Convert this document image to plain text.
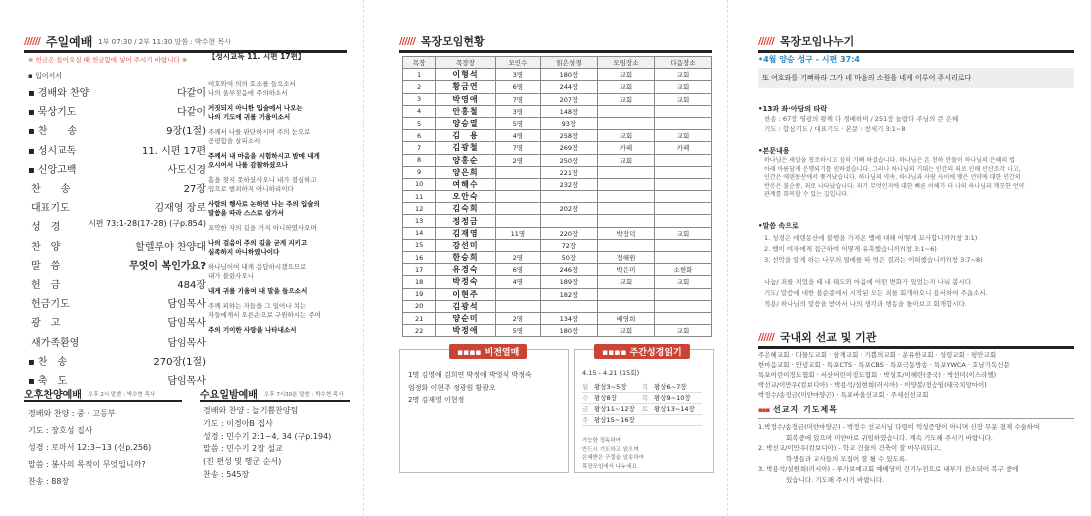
////// 주일예배 1부 07:30 / 2부 11:30 말씀 : 박수현 목사
※ 헌금은 들어오실 때 헌금함에 넣어 주시기 바랍니다 ※
▪ 입어서서
▪ 경배와 찬양	다같이
▪ 묵상기도	다같이
▪ 찬　　송	9장(1절)
▪ 성시교독	11. 시편 17편
▪ 신앙고백	사도신경
찬　　송	27장
대표기도	김재영 장로
성　경	시편 73:1-28(17-28) (구p.854)
찬　양	할렐루야 찬양대
말　씀	무엇이 복인가요?
헌　금	484장
헌금기도	담임목사
광　고	담임목사
새가족환영	담임목사
▪ 찬　송	270장(1절)
▪ 축　도	담임목사
【성시교독 11. 시편 17편】
여호와여 의의 호소를 들으소서
나의 울부짖음에 주의하소서
거짓되지 아니한 입술에서 나오는
나의 기도에 귀를 기울이소서
주께서 나를 판단하시며 주의 눈으로
공평함을 살피소서
주께서 내 마음을 시험하시고 밤에 내게
오시어서 나를 감찰하셨으나
흠을 찾지 못하셨사오니 내가 결심하고
입으로 범죄하지 아니하리이다
사람의 행사로 논하면 나는 주의 입술의
말씀을 따라 스스로 삼가서
포악한 자의 길을 가지 아니하였사오며
나의 걸음이 주의 길을 굳게 지키고
실족하지 아니하였나이다
하나님이여 내게 응답하시겠으므로
내가 불렀사오니
내게 귀를 기울여 내 말을 들으소서
주께 피하는 자들을 그 일어나 치는
자들에게서 오른손으로 구원하시는 주여
주의 기이한 사랑을 나타내소서
오후찬양예배 오후 2시 말씀 : 박수현 목사
경배와 찬양 : 중 · 고등부
기도 : 장호성 집사
성경 : 로마서 12:3~13 (신p.256)
말씀 : 봉사의 목적이 무엇입니까?
찬송 : 88장
수요일밤예배 오후 7시30분 말씀 : 박수현 목사
경배와 찬양 : 늘기쁨찬양팀
기도 : 이경아B 집사
성경 : 민수기 2:1~4, 34 (구p.194)
말씀 : 민수기 2장 설교
(진 편성 및 행군 순서)
찬송 : 545장
////// 목장모임현황
목장	목장장	모인수	읽은성경	모임장소	다음장소
1	이형석	3명	180장	교회	교회
2	황금연	6명	244장	교회	교회
3	박영애	7명	207장	교회	교회
4	안홍철	3명	148장		
5	양승열	5명	93장		
6	김　용	4명	258장	교회	교회
7	김광철	7명	269장	카페	카페
8	양홍순	2명	250장	교회	
9	양은희		221장		
10	여해수		232장		
11	오안숙				
12	김숙희		202장		
13	정정금				
14	김재영	11명	220장	박장덕	교회
15	강선미		72장		
16	한승희	2명	50장	정혜원	
17	유경숙	6명	246장	박은미	소현화
18	박정숙	4명	189장	교회	교회
19	이현주		182장		
20	김광석				
21	양순미	2명	134장	배영희	
22	박정애	5명	180장	교회	교회
▪▪▪▪ 비전열매
1명 김영애 김희연 박정애 박영식 박정숙
엄정화 이현주 정광원 황광오
2명 김재영 이현정
▪▪▪▪ 주간성경읽기
4.15 - 4.21 (15회)
월 왕상3~5장	목 왕상6~7장
수 왕상8장	목 왕상9~10장
금 왕상11~12장	토 왕상13~14장
주 왕상15~16장
가능한 정독하여
반드시 기도하고 읽으며
은혜받은 구절을 암송하여
목장모임에서 나누세요
////// 목장모임나누기
•4월 양승 성구 - 시편 37:4
또 여호와를 기뻐하라 그가 네 마음의 소원을 네게 이루어 주시리로다
•13과 좌·아담의 타락
찬송 : 67장 영광의 왕께 다 경배하며 / 251장 놀랍다 주님의 큰 은혜
기도 : 합심기도 / 대표기도 · 본문 : 창세기 3:1~8
•본문내용
하나님은 세상을 창조하시고 심히 기뻐 하셨습니다. 하나님은 온 천하 만물이 하나님의 은혜의 법
아래 아름답게 운행되기를 원하셨습니다. 그러나 하나님의 기대는 인간의 죄로 인해 산산조각 나고,
인간은 에덴동산에서 쫓겨났습니다. 하나님의 약속, 하나님과 사람 사이에 맺은 언약에 대한 인간의
반응은 불순종, 죄로 나타났습니다. 죄가 무엇인지에 대한 빠른 이해가 더 나의 하나님과 깨끗한 언약
관계를 회복할 수 있는 길입니다.
•말씀 속으로
1. 성경은 에덴동산에 불행을 가져온 뱀에 대해 어떻게 묘사합니까?(창 3:1)
2. 뱀이 여자에게 접근하여 어떻게 유혹했습니까?(창 3:1~6)
3. 선악을 알게 하는 나무의 열매를 따 먹은 결과는 어떠했습니까?(창 3:7~8)
나눔/ 죄를 지었을 때 내 태도와 마음에 어떤 변화가 있었는지 나눠 봅시다.
기도/ 말씀에 대한 불순종에서 시작된 모든 죄를 회개하오니 용서하여 주옵소서.
적용/ 하나님의 말씀을 받아서 나의 생각과 행동을 돌아보고 회개합시다.
////// 국내외 선교 및 기관
주은혜교회 · 다물도교회 · 삼계교회 · 기쁨의교회 · 운유한교회 · 성령교회 · 평안교회
한마음교회 · 안녕교회 · 특포CTS · 특포CBS · 특포극동방송 · 특포YWCA · 호남기독신문
특포어린이정도협회 · 서산어린이정도협회 · 박성호/이혜란(중국) · 박선미(이스라엘)
박선교/이만우(캄보디아) · 박용석/설현희(러시아) · 이양봉/정승임(태국치앙마이)
박정수/송정금(미얀마양곤) · 특포바울선교회 · 주세선선교회
▪▪▪ 선교지 기도제목
1.박정수/송정금(미얀마양곤) - 박정수 선교사님 다령이 억성증양이 아니며 신장 무분 결제 수술하여
회복중에 있으며 미얀마로 귀임하였습니다. 계속 기도해 주시기 바랍니다.
2. 박선교/이만우(캄보디아) - 학교 건물의 건축이 잘 마무리되고,
학생들과 교사들의 모집이 잘 될 수 있도록.
3. 박용석/설원희(러시아) - 루가보예교회 예배당이 건기누전으로 내부가 전소되어 복구 중에
있습니다. 기도해 주시기 바랍니다.
